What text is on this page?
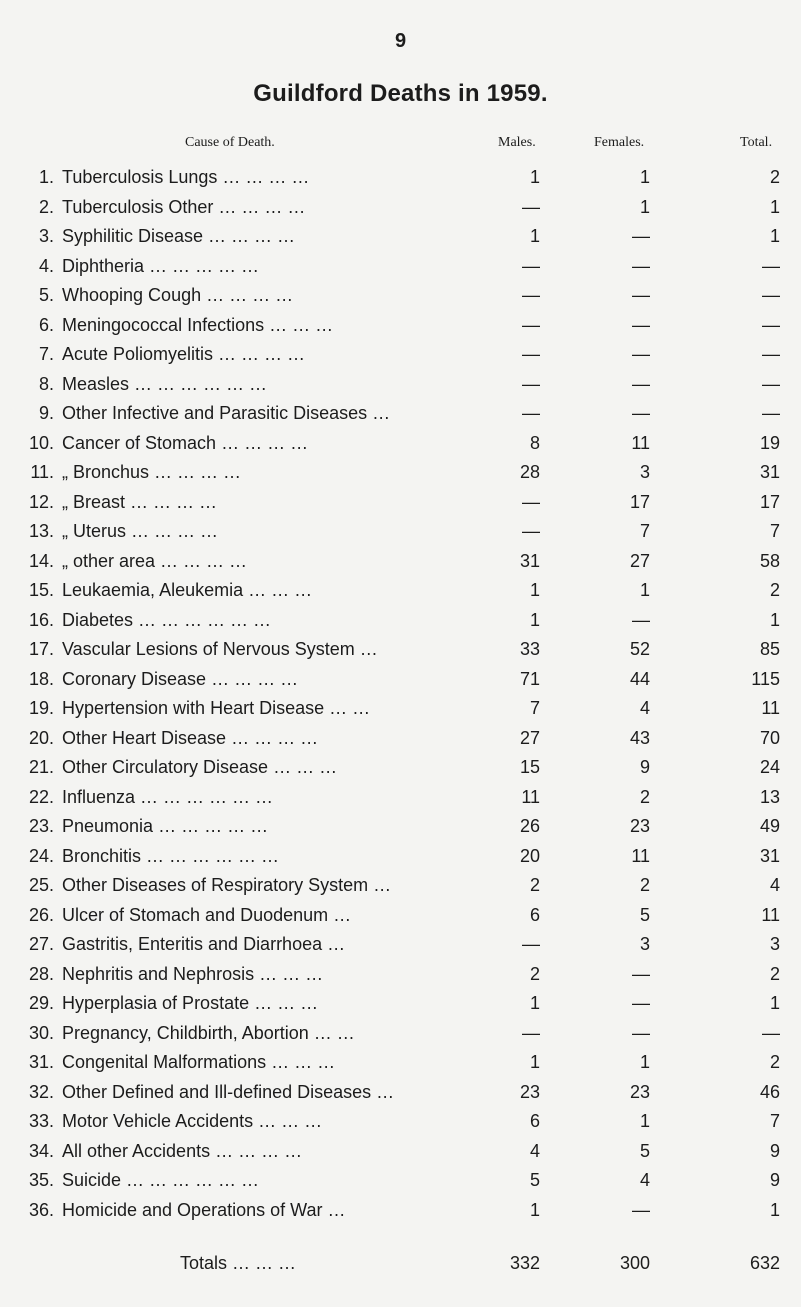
9
Guildford Deaths in 1959.
Cause of Death.	Males.	Females.	Total.
1. Tuberculosis Lungs … … … …	1	1	2
2. Tuberculosis Other … … … …	—	1	1
3. Syphilitic Disease … … … …	1	—	1
4. Diphtheria … … … … …	—	—	—
5. Whooping Cough … … … …	—	—	—
6. Meningococcal Infections … … …	—	—	—
7. Acute Poliomyelitis … … … …	—	—	—
8. Measles … … … … … …	—	—	—
9. Other Infective and Parasitic Diseases …	—	—	—
10. Cancer of Stomach … … … …	8	11	19
11. „ Bronchus … … … …	28	3	31
12. „ Breast … … … …	—	17	17
13. „ Uterus … … … …	—	7	7
14. „ other area … … … …	31	27	58
15. Leukaemia, Aleukemia … … …	1	1	2
16. Diabetes … … … … … …	1	—	1
17. Vascular Lesions of Nervous System …	33	52	85
18. Coronary Disease … … … …	71	44	115
19. Hypertension with Heart Disease … …	7	4	11
20. Other Heart Disease … … … …	27	43	70
21. Other Circulatory Disease … … …	15	9	24
22. Influenza … … … … … …	11	2	13
23. Pneumonia … … … … …	26	23	49
24. Bronchitis … … … … … …	20	11	31
25. Other Diseases of Respiratory System …	2	2	4
26. Ulcer of Stomach and Duodenum …	6	5	11
27. Gastritis, Enteritis and Diarrhoea …	—	3	3
28. Nephritis and Nephrosis … … …	2	—	2
29. Hyperplasia of Prostate … … …	1	—	1
30. Pregnancy, Childbirth, Abortion … …	—	—	—
31. Congenital Malformations … … …	1	1	2
32. Other Defined and Ill-defined Diseases …	23	23	46
33. Motor Vehicle Accidents … … …	6	1	7
34. All other Accidents … … … …	4	5	9
35. Suicide … … … … … …	5	4	9
36. Homicide and Operations of War …	1	—	1
Totals … … …	332	300	632
